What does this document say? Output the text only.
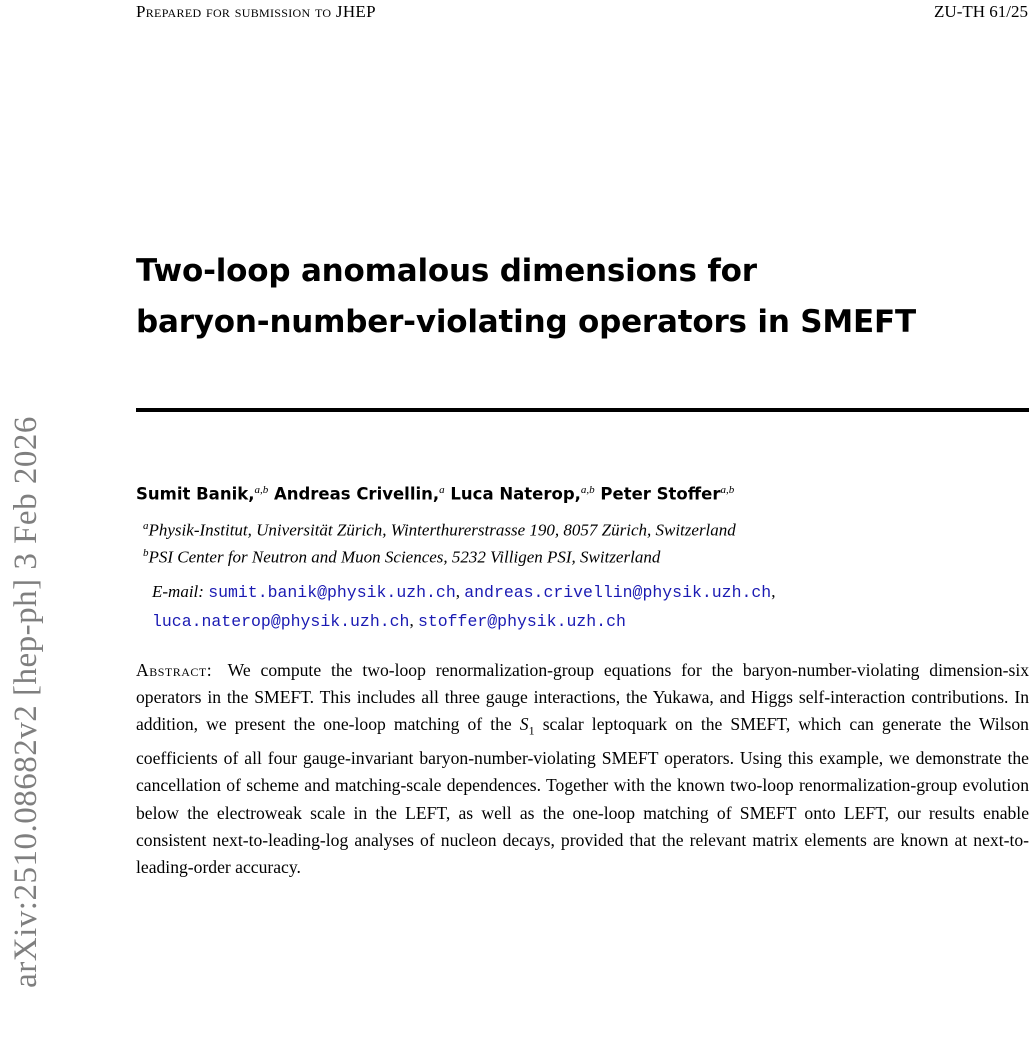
Prepared for submission to JHEP	ZU-TH 61/25
arXiv:2510.08682v2 [hep-ph] 3 Feb 2026
Two-loop anomalous dimensions for
baryon-number-violating operators in SMEFT
Sumit Banik,$^{a,b}$ Andreas Crivellin,$^a$ Luca Naterop,$^{a,b}$ Peter Stoffer$^{a,b}$
$^a$Physik-Institut, Universität Zürich, Winterthurerstrasse 190, 8057 Zürich, Switzerland
$^b$PSI Center for Neutron and Muon Sciences, 5232 Villigen PSI, Switzerland
E-mail: sumit.banik@physik.uzh.ch, andreas.crivellin@physik.uzh.ch,
luca.naterop@physik.uzh.ch, stoffer@physik.uzh.ch
Abstract: We compute the two-loop renormalization-group equations for the baryon-number-violating dimension-six operators in the SMEFT. This includes all three gauge interactions, the Yukawa, and Higgs self-interaction contributions. In addition, we present the one-loop matching of the $S_1$ scalar leptoquark on the SMEFT, which can generate the Wilson coefficients of all four gauge-invariant baryon-number-violating SMEFT operators. Using this example, we demonstrate the cancellation of scheme and matching-scale dependences. Together with the known two-loop renormalization-group evolution below the electroweak scale in the LEFT, as well as the one-loop matching of SMEFT onto LEFT, our results enable consistent next-to-leading-log analyses of nucleon decays, provided that the relevant matrix elements are known at next-to-leading-order accuracy.
